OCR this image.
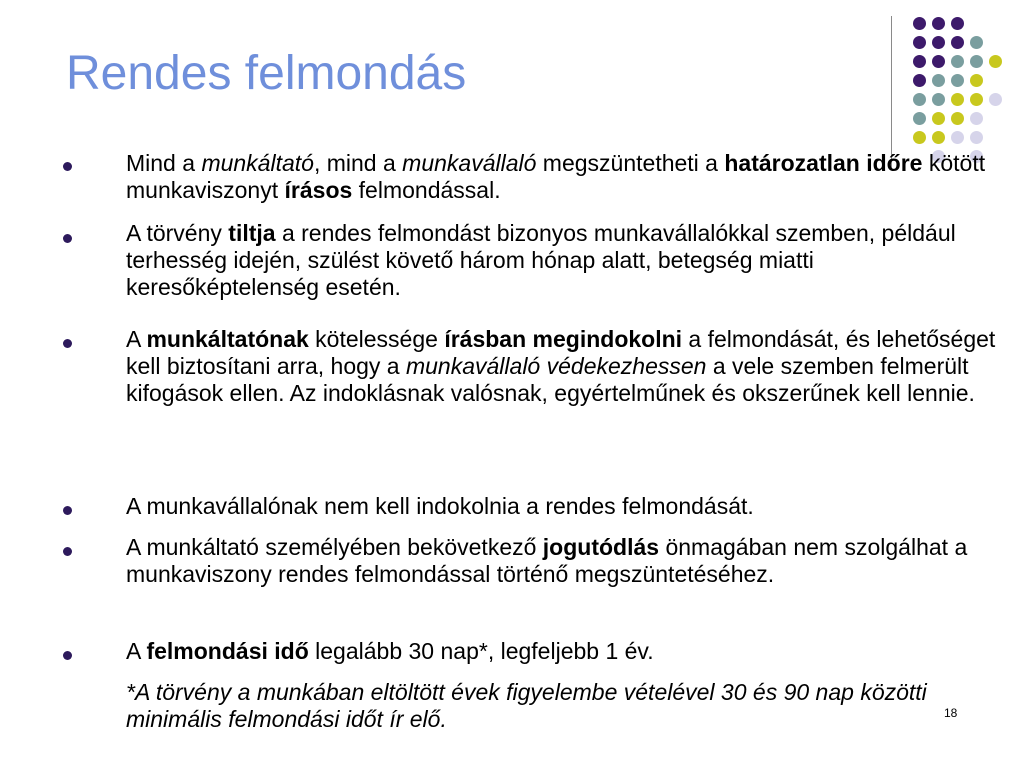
Rendes felmondás
Mind a munkáltató, mind a munkavállaló megszüntetheti a határozatlan időre kötött munkaviszonyt írásos felmondással.
A törvény tiltja a rendes felmondást bizonyos munkavállalókkal szemben, például terhesség idején, szülést követő három hónap alatt, betegség miatti keresőképtelenség esetén.
A munkáltatónak kötelessége írásban megindokolni a felmondását, és lehetőséget kell biztosítani arra, hogy a munkavállaló védekezhessen a vele szemben felmerült kifogások ellen. Az indoklásnak valósnak, egyértelműnek és okszerűnek kell lennie.
A munkavállalónak nem kell indokolnia a rendes felmondását.
A munkáltató személyében bekövetkező jogutódlás önmagában nem szolgálhat a munkaviszony rendes felmondással történő megszüntetéséhez.
A felmondási idő legalább 30 nap*, legfeljebb 1 év.
*A törvény a munkában eltöltött évek figyelembe vételével 30 és 90 nap közötti minimális felmondási időt ír elő.	18
